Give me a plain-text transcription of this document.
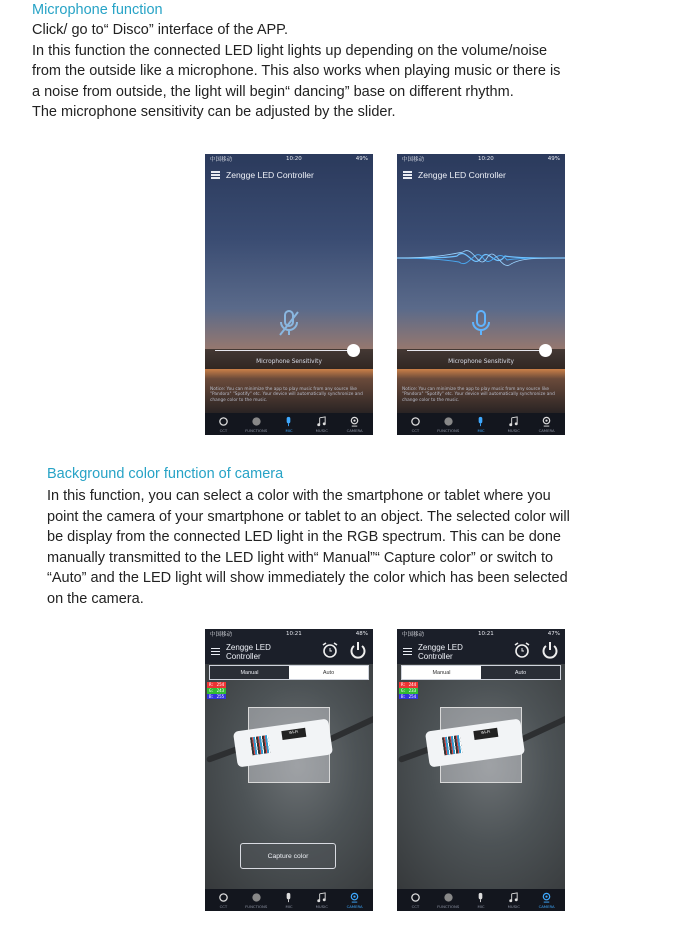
Microphone function

Click/ go to“ Disco” interface of the APP.

In this function the connected LED light lights up depending on the volume/noise

from the outside like a microphone. This also works when playing music or there is

a noise from outside, the light will begin“ dancing” base on different rhythm.

The microphone sensitivity can be adjusted by the slider.

中国移动	10:20	49%
Zengge LED Controller
Microphone Sensitivity
Notice: You can minimize the app to play music from any source like "Pandora" "Spotify" etc. Your device will automatically synchronize and change color to the music.
CCT	FUNCTIONS	MIC	MUSIC	CAMERA
中国移动	10:20	49%
Zengge LED Controller
Microphone Sensitivity
Notice: You can minimize the app to play music from any source like "Pandora" "Spotify" etc. Your device will automatically synchronize and change color to the music.
CCT	FUNCTIONS	MIC	MUSIC	CAMERA
Background color function of camera

In this function, you can select a color with the smartphone or tablet where you

point the camera of your smartphone or tablet to an object. The selected color will

be display from the connected LED light in the RGB spectrum. This can be done

manually transmitted to the LED light with“ Manual”“ Capture color” or switch to

“Auto” and the LED light will show immediately the color which has been selected

on the camera.

Wi-Fi
中国移动	10:21	48%
Zengge LED
Controller
Manual	Auto
R: 254
G: 243
B: 255
Capture color
CCT	FUNCTIONS	MIC	MUSIC	CAMERA
Wi-Fi
中国移动	10:21	47%
Zengge LED
Controller
Manual	Auto
R: 244
G: 233
B: 254
CCT	FUNCTIONS	MIC	MUSIC	CAMERA
